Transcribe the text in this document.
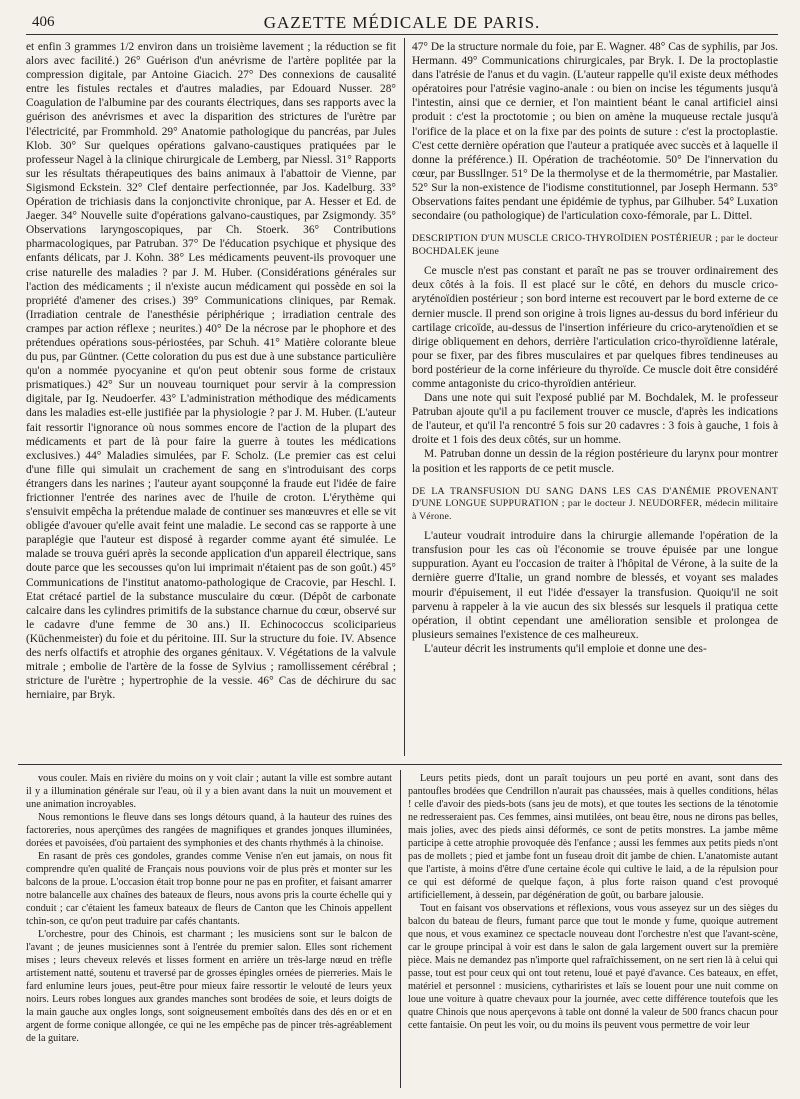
406	GAZETTE MÉDICALE DE PARIS.

et enfin 3 grammes 1/2 environ dans un troisième lavement ; la réduction se fit alors avec facilité.) 26° Guérison d'un anévrisme de l'artère poplitée par la compression digitale, par Antoine Giacich. 27° Des connexions de causalité entre les fistules rectales et d'autres maladies, par Edouard Nusser. 28° Coagulation de l'albumine par des courants électriques, dans ses rapports avec la guérison des anévrismes et avec la disparition des strictures de l'urètre par l'électricité, par Frommhold. 29° Anatomie pathologique du pancréas, par Jules Klob. 30° Sur quelques opérations galvano-caustiques pratiquées par le professeur Nagel à la clinique chirurgicale de Lemberg, par Niessl. 31° Rapports sur les résultats thérapeutiques des bains animaux à l'abattoir de Vienne, par Sigismond Eckstein. 32° Clef dentaire perfectionnée, par Jos. Kadelburg. 33° Opération de trichiasis dans la conjonctivite chronique, par A. Hesser et Ed. de Jaeger. 34° Nouvelle suite d'opérations galvano-caustiques, par Zsigmondy. 35° Observations laryngoscopiques, par Ch. Stoerk. 36° Contributions pharmacologiques, par Patruban. 37° De l'éducation psychique et physique des enfants délicats, par J. Kohn. 38° Les médicaments peuvent-ils provoquer une crise naturelle des maladies ? par J. M. Huber. (Considérations générales sur l'action des médicaments ; il n'existe aucun médicament qui possède en soi la propriété d'amener des crises.) 39° Communications cliniques, par Remak. (Irradiation centrale de l'anesthésie périphérique ; irradiation centrale des crampes par action réflexe ; neurites.) 40° De la nécrose par le phophore et des prétendues opérations sous-périostées, par Schuh. 41° Matière colorante bleue du pus, par Güntner. (Cette coloration du pus est due à une substance particulière qu'on a nommée pyocyanine et qu'on peut obtenir sous forme de cristaux prismatiques.) 42° Sur un nouveau tourniquet pour servir à la compression digitale, par Ig. Neudoerfer. 43° L'administration méthodique des médicaments dans les maladies est-elle justifiée par la physiologie ? par J. M. Huber. (L'auteur fait ressortir l'ignorance où nous sommes encore de l'action de la plupart des médicaments et part de là pour faire la guerre à toutes les médications exclusives.) 44° Maladies simulées, par F. Scholz. (Le premier cas est celui d'une fille qui simulait un crachement de sang en s'introduisant des corps étrangers dans les narines ; l'auteur ayant soupçonné la fraude eut l'idée de faire frictionner l'entrée des narines avec de l'huile de croton. L'érythème qui s'ensuivit empêcha la prétendue malade de continuer ses manœuvres et elle se vit obligée d'avouer qu'elle avait feint une maladie. Le second cas se rapporte à une paraplégie que l'auteur est disposé à regarder comme ayant été simulée. Le malade se trouva guéri après la seconde application d'un appareil électrique, sans doute parce que les secousses qu'on lui imprimait n'étaient pas de son goût.) 45° Communications de l'institut anatomo-pathologique de Cracovie, par Heschl. I. Etat crétacé partiel de la substance musculaire du cœur. (Dépôt de carbonate calcaire dans les cylindres primitifs de la substance charnue du cœur, observé sur le cadavre d'une femme de 30 ans.) II. Echinococcus scoliciparieus (Küchenmeister) du foie et du péritoine. III. Sur la structure du foie. IV. Absence des nerfs olfactifs et atrophie des organes génitaux. V. Végétations de la valvule mitrale ; embolie de l'artère de la fosse de Sylvius ; ramollissement cérébral ; stricture de l'urètre ; hypertrophie de la vessie. 46° Cas de déchirure du sac herniaire, par Bryk.

47° De la structure normale du foie, par E. Wagner. 48° Cas de syphilis, par Jos. Hermann. 49° Communications chirurgicales, par Bryk. I. De la proctoplastie dans l'atrésie de l'anus et du vagin. (L'auteur rappelle qu'il existe deux méthodes opératoires pour l'atrésie vagino-anale : ou bien on incise les téguments jusqu'à l'intestin, ainsi que ce dernier, et l'on maintient béant le canal artificiel ainsi produit : c'est la proctotomie ; ou bien on amène la muqueuse rectale jusqu'à l'orifice de la place et on la fixe par des points de suture : c'est la proctoplastie. C'est cette dernière opération que l'auteur a pratiquée avec succès et à laquelle il donne la préférence.) II. Opération de trachéotomie. 50° De l'innervation du cœur, par Bussllnger. 51° De la thermolyse et de la thermométrie, par Mastalier. 52° Sur la non-existence de l'iodisme constitutionnel, par Joseph Hermann. 53° Observations faites pendant une épidémie de typhus, par Gilhuber. 54° Luxation secondaire (ou pathologique) de l'articulation coxo-fémorale, par L. Dittel.

DESCRIPTION D'UN MUSCLE CRICO-THYROÏDIEN POSTÉRIEUR ; par le docteur BOCHDALEK jeune

Ce muscle n'est pas constant et paraît ne pas se trouver ordinairement des deux côtés à la fois. Il est placé sur le côté, en dehors du muscle crico-aryténoïdien postérieur ; son bord interne est recouvert par le bord externe de ce dernier muscle. Il prend son origine à trois lignes au-dessus du bord inférieur du cartilage cricoïde, au-dessus de l'insertion inférieure du crico-arytenoïdien et se dirige obliquement en dehors, derrière l'articulation crico-thyroïdienne latérale, pour se fixer, par des fibres musculaires et par quelques fibres tendineuses au bord postérieur de la corne inférieure du thyroïde. Ce muscle doit être considéré comme antagoniste du crico-thyroïdien antérieur.

Dans une note qui suit l'exposé publié par M. Bochdalek, M. le professeur Patruban ajoute qu'il a pu facilement trouver ce muscle, d'après les indications de l'auteur, et qu'il l'a rencontré 5 fois sur 20 cadavres : 3 fois à gauche, 1 fois à droite et 1 fois des deux côtés, sur un homme.

M. Patruban donne un dessin de la région postérieure du larynx pour montrer la position et les rapports de ce petit muscle.

DE LA TRANSFUSION DU SANG DANS LES CAS D'ANÉMIE PROVENANT D'UNE LONGUE SUPPURATION ; par le docteur J. NEUDORFER, médecin militaire à Vérone.

L'auteur voudrait introduire dans la chirurgie allemande l'opération de la transfusion pour les cas où l'économie se trouve épuisée par une longue suppuration. Ayant eu l'occasion de traiter à l'hôpital de Vérone, à la suite de la dernière guerre d'Italie, un grand nombre de blessés, et voyant ses malades mourir d'épuisement, il eut l'idée d'essayer la transfusion. Quoiqu'il ne soit parvenu à rappeler à la vie aucun des six blessés sur lesquels il pratiqua cette opération, il obtint cependant une amélioration sensible et prolongea de plusieurs semaines l'existence de ces malheureux.

L'auteur décrit les instruments qu'il emploie et donne une des-

vous couler. Mais en rivière du moins on y voit clair ; autant la ville est sombre autant il y a illumination générale sur l'eau, où il y a bien avant dans la nuit un mouvement et une animation incroyables.

Nous remontions le fleuve dans ses longs détours quand, à la hauteur des ruines des factoreries, nous aperçûmes des rangées de magnifiques et grandes jonques illuminées, dorées et pavoisées, d'où partaient des symphonies et des chants rhythmés à la chinoise.

En rasant de près ces gondoles, grandes comme Venise n'en eut jamais, on nous fit comprendre qu'en qualité de Français nous pouvions voir de plus près et monter sur les balcons de la proue. L'occasion était trop bonne pour ne pas en profiter, et faisant amarrer notre balancelle aux chaînes des bateaux de fleurs, nous avons pris la courte échelle qui y conduit ; car c'étaient les fameux bateaux de fleurs de Canton que les Chinois appellent tchin-son, ce qu'on peut traduire par cafés chantants.

L'orchestre, pour des Chinois, est charmant ; les musiciens sont sur le balcon de l'avant ; de jeunes musiciennes sont à l'entrée du premier salon. Elles sont richement mises ; leurs cheveux relevés et lisses forment en arrière un très-large nœud en trèfle artistement natté, soutenu et traversé par de grosses épingles ornées de pierreries. Mais le fard enlumine leurs joues, peut-être pour mieux faire ressortir le velouté de leurs yeux noirs. Leurs robes longues aux grandes manches sont brodées de soie, et leurs doigts de la main gauche aux ongles longs, sont soigneusement emboîtés dans des dés en or et en argent de forme conique allongée, ce qui ne les empêche pas de pincer très-agréablement de la guitare.

Leurs petits pieds, dont un paraît toujours un peu porté en avant, sont dans des pantoufles brodées que Cendrillon n'aurait pas chaussées, mais à quelles conditions, hélas ! celle d'avoir des pieds-bots (sans jeu de mots), et que toutes les sections de la ténotomie ne redresseraient pas. Ces femmes, ainsi mutilées, ont beau être, nous ne dirons pas belles, mais jolies, avec des pieds ainsi déformés, ce sont de petits monstres. La jambe même participe à cette atrophie provoquée dès l'enfance ; aussi les femmes aux petits pieds n'ont pas de mollets ; pied et jambe font un fuseau droit dit jambe de chien. L'anatomiste autant que l'artiste, à moins d'être d'une certaine école qui cultive le laid, a de la répulsion pour ce qui est déformé de quelque façon, à plus forte raison quand c'est provoqué artificiellement, à dessein, par dégénération de goût, ou barbare jalousie.

Tout en faisant vos observations et réflexions, vous vous asseyez sur un des sièges du balcon du bateau de fleurs, fumant parce que tout le monde y fume, quoique autrement que nous, et vous examinez ce spectacle nouveau dont l'orchestre n'est que l'avant-scène, car le groupe principal à voir est dans le salon de gala largement ouvert sur la première pièce. Mais ne demandez pas n'importe quel rafraîchissement, on ne sert rien là à celui qui passe, tout est pour ceux qui ont tout retenu, loué et payé d'avance. Ces bateaux, en effet, matériel et personnel : musiciens, cythariristes et laïs se louent pour une nuit comme on loue une voiture à quatre chevaux pour la journée, avec cette différence toutefois que les quatre Chinois que nous aperçevons à table ont donné la valeur de 500 francs chacun pour cette fantaisie. On peut les voir, ou du moins ils peuvent vous permettre de voir leur
